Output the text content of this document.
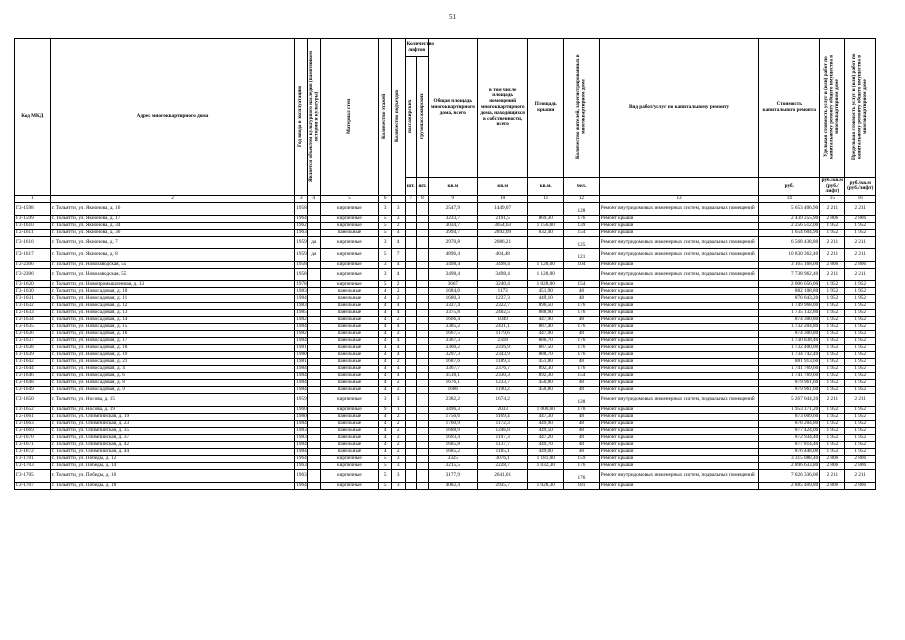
51
Код МКД	Адрес многоквартирного дома	Год ввода в эксплуатацию	Является объектом культурного наследия (памятником истории и культуры)	Материал стен	Количество этажей	Количество подъездов	Количество лифтов		Общая площадь многоквартирного дома, всего	в том числе площадь помещений многоквартирного дома, находящихся в собственности, всего	Площадь крыши	Количество жителей, зарегистрированных в многоквартирном доме	Вид работ/услуг по капитальному ремонту	Стоимость капитального ремонта	Удельная стоимость услуг и (или) работ по капитальному ремонту общего имущества в многоквартирном доме	Предельная стоимость услуг и (или) работ по капитальному ремонту общего имущества в многоквартирном доме
							пассажирских	грузопассажирских								
							шт.	шт.	кв.м	кв.м	кв.м.	чел.		руб.	руб./кв.м (руб./лифт)	руб./кв.м (руб./лифт)
1	2	3	4	5	6		7	8	9	10	11	12	13	14	15	16
Г2-1598	г. Тольятти, ул. Якионова, д. 16	1958		кирпичные	3	3			2547,9	1449,07		128	Ремонт внутридомовых инженерных систем, подвальных помещений	5 653 406,90	2 211	2 211
Г2-1599	г. Тольятти, ул. Якионова, д. 17	1964		кирпичные	5	3			3233,7	2191,5	869,30	176	Ремонт крыши	2 439 255,90	2 806	2 806
Г2-1610	г. Тольятти, ул. Якионова, д. 34	1962		кирпичные	5	2			3034,7	3054,63	1 156,00	139	Ремонт крыши	2 256 512,00	1 952	1 952
Г2-1611	г. Тольятти, ул. Якионова, д. 36	1963		панельные	5	4			3994,7	2892,09	832,40	154	Ремонт крыши	1 654 604,90	1 952	1 952
Г2-1616	г. Тольятти, ул. Якионова, д. 7	1959	да	кирпичные	3	4			2970,8	2086,21		125	Ремонт внутридомовых инженерных систем, подвальных помещений	6 568 438,80	2 211	2 211
Г2-1617	г. Тольятти, ул. Якионова, д. 8	1959	да	кирпичные	5	7			4896,4	404,48		121	Ремонт внутридомовых инженерных систем, подвальных помещений	10 830 362,40	2 211	2 211
Г2-2306	г. Тольятти, ул. Новозаводская, 55	1958		кирпичные	3	4			3498,4	3498,4	1 128,00	104	Ремонт крыши	3 165 168,00	2 806	2 806
Г2-2306	г. Тольятти, ул. Новозаводская, 55	1958		кирпичные	3	4			3498,4	3498,4	1 128,00		Ремонт внутридомовых инженерных систем, подвальных помещений	7 738 962,40	2 211	2 211
Г2-1620	г. Тольятти, ул. Новопромышленная, д. 13	1978		кирпичные	5	2			3667	3240,4	1 028,00	154	Ремонт крыши	2 006 656,00	1 952	1 952
Г2-1630	г. Тольятти, ул. Новосадовая, д. 10	1983		панельные	4	2			1684,6	1173	451,90	48	Ремонт крыши	882 108,80	1 952	1 952
Г2-1631	г. Тольятти, ул. Новосадовая, д. 11	1984		панельные	4	2			1680,3	1237,3	449,10	48	Ремонт крыши	876 643,20	1 952	1 952
Г2-1632	г. Тольятти, ул. Новосадовая, д. 12	1983		панельные	4	4			3327,4	2322,7	896,50	176	Ремонт крыши	1 749 968,00	1 952	1 952
Г2-1633	г. Тольятти, ул. Новосадовая, д. 13	1985		панельные	4	4			3375,8	2402,5	888,90	176	Ремонт крыши	1 735 132,80	1 952	1 952
Г2-1634	г. Тольятти, ул. Новосадовая, д. 14	1982		панельные	4	2			1666,4	1049	447,90	48	Ремонт крыши	874 300,80	1 952	1 952
Г2-1635	г. Тольятти, ул. Новосадовая, д. 15	1984		панельные	4	4			3385,2	2431,1	887,40	176	Ремонт крыши	1 732 204,80	1 952	1 952
Г2-1636	г. Тольятти, ул. Новосадовая, д. 16	1982		панельные	4	2			1667,5	1179,6	447,90	48	Ремонт крыши	874 300,80	1 952	1 952
Г2-1637	г. Тольятти, ул. Новосадовая, д. 17	1984		панельные	4	4			3367,3	2318	886,70	176	Ремонт крыши	1 730 838,40	1 952	1 952
Г2-1638	г. Тольятти, ул. Новосадовая, д. 18	1981		панельные	4	4			3360,2	2316,9	887,50	176	Ремонт крыши	1 732 400,00	1 952	1 952
Г2-1639	г. Тольятти, ул. Новосадовая, д. 19	1980		панельные	4	4			3297,3	2343,9	888,70	176	Ремонт крыши	1 734 742,40	1 952	1 952
Г2-1642	г. Тольятти, ул. Новосадовая, д. 21	1981		панельные	4	2			1687,6	1189,3	451,80	48	Ремонт крыши	881 913,60	1 952	1 952
Г2-1644	г. Тольятти, ул. Новосадовая, д. 4	1984		панельные	4	4			3367,7	2376,7	892,30	176	Ремонт крыши	1 741 769,60	1 952	1 952
Г2-1646	г. Тольятти, ул. Новосадовая, д. 6	1984		панельные	4	4			3518,1	2330,3	892,30	154	Ремонт крыши	1 741 769,60	1 952	1 952
Г2-1648	г. Тольятти, ул. Новосадовая, д. 8	1984		панельные	4	2			1676,1	1233,7	450,80	48	Ремонт крыши	879 961,60	1 952	1 952
Г2-1649	г. Тольятти, ул. Новосадовая, д. 9	1984		панельные	4	2			1686	1190,2	450,80	48	Ремонт крыши	879 961,60	1 952	1 952
Г2-1650	г. Тольятти, ул. Носова, д. 15	1959		кирпичные	3	3			2382,2	1674,2		128	Ремонт внутридомовых инженерных систем, подвальных помещений	5 267 044,20	2 211	2 211
Г2-1652	г. Тольятти, ул. Носова, д. 19	1960		кирпичные	9	1			3496,3	2033	1 000,60	170	Ремонт крыши	1 953 171,20	1 952	1 952
Г2-1661	г. Тольятти, ул. Олимпийская, д. 19	1980		панельные	4	2			1756,6	1169,4	447,30	48	Ремонт крыши	873 009,60	1 952	1 952
Г2-1663	г. Тольятти, ул. Олимпийская, д. 23	1984		панельные	4	2			1760,9	1172,3	449,90	48	Ремонт крыши	878 204,80	1 952	1 952
Г2-1669	г. Тольятти, ул. Олимпийская, д. 35	1983		панельные	4	2			1688,9	1246,8	449,50	48	Ремонт крыши	877 424,00	1 952	1 952
Г2-1670	г. Тольятти, ул. Олимпийская, д. 37	1983		панельные	4	2			1693,4	1197,3	447,20	48	Ремонт крыши	872 934,40	1 952	1 952
Г2-1671	г. Тольятти, ул. Олимпийская, д. 42	1984		панельные	4	2			1685,8	1137,7	449,70	48	Ремонт крыши	877 814,40	1 952	1 952
Г2-1672	г. Тольятти, ул. Олимпийская, д. 44	1984		панельные	4	2			1685,2	1185,1	449,00	48	Ремонт крыши	876 448,00	1 952	1 952
Г2-1701	г. Тольятти, ул. Победы, д. 12	1964		кирпичные	5	3			3325	3076,1	1 181,00	159	Ремонт крыши	3 315 088,40	2 806	2 806
Г2-1703	г. Тольятти, ул. Победы, д. 14	1963		кирпичные	5	3			3215,5	2228,7	1 032,30	176	Ремонт крыши	2 896 633,80	2 806	2 806
Г2-1705	г. Тольятти, ул. Победы, д. 16	1963		кирпичные	5	3			3177,9	2641,61		176	Ремонт внутридомовых инженерных систем, подвальных помещений	7 026 336,00	2 211	2 211
Г2-1707	г. Тольятти, ул. Победы, д. 18	1964		кирпичные	5	3			4082,4	2935,7	1 028,30	181	Ремонт крыши	2 885 409,80	2 806	2 806
